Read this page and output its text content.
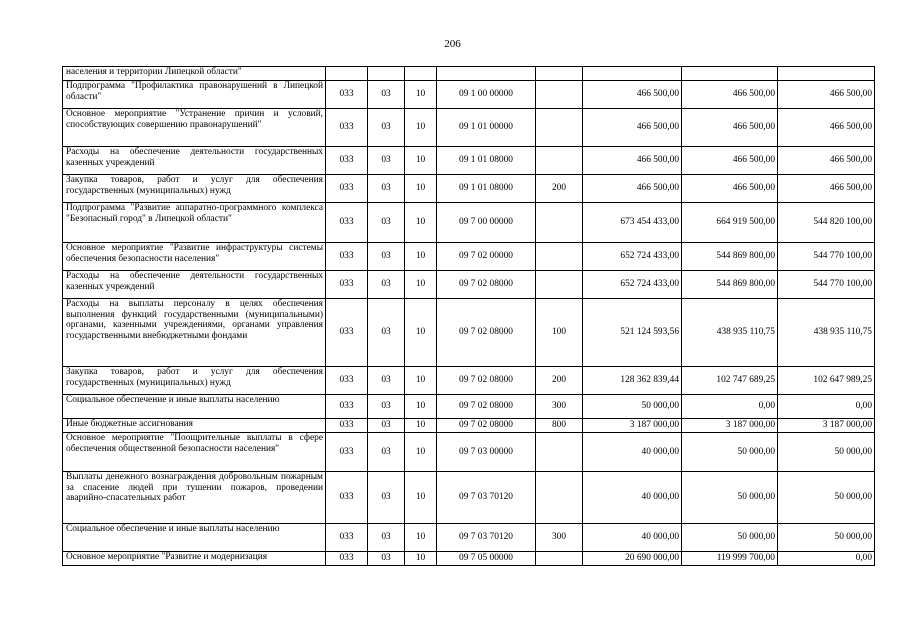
206
населения и территории Липецкой области"								
Подпрограмма "Профилактика правонарушений в Липецкой области"	033	03	10	09 1 00 00000		466 500,00	466 500,00	466 500,00
Основное мероприятие "Устранение причин и условий, способствующих совершению правонарушений"	033	03	10	09 1 01 00000		466 500,00	466 500,00	466 500,00
Расходы на обеспечение деятельности государственных казенных учреждений	033	03	10	09 1 01 08000		466 500,00	466 500,00	466 500,00
Закупка товаров, работ и услуг для обеспечения государственных (муниципальных) нужд	033	03	10	09 1 01 08000	200	466 500,00	466 500,00	466 500,00
Подпрограмма "Развитие аппаратно-программного комплекса "Безопасный город" в Липецкой области"	033	03	10	09 7 00 00000		673 454 433,00	664 919 500,00	544 820 100,00
Основное мероприятие "Развитие инфраструктуры системы обеспечения безопасности населения"	033	03	10	09 7 02 00000		652 724 433,00	544 869 800,00	544 770 100,00
Расходы на обеспечение деятельности государственных казенных учреждений	033	03	10	09 7 02 08000		652 724 433,00	544 869 800,00	544 770 100,00
Расходы на выплаты персоналу в целях обеспечения выполнения функций государственными (муниципальными) органами, казенными учреждениями, органами управления государственными внебюджетными фондами	033	03	10	09 7 02 08000	100	521 124 593,56	438 935 110,75	438 935 110,75
Закупка товаров, работ и услуг для обеспечения государственных (муниципальных) нужд	033	03	10	09 7 02 08000	200	128 362 839,44	102 747 689,25	102 647 989,25
Социальное обеспечение и иные выплаты населению	033	03	10	09 7 02 08000	300	50 000,00	0,00	0,00
Иные бюджетные ассигнования	033	03	10	09 7 02 08000	800	3 187 000,00	3 187 000,00	3 187 000,00
Основное мероприятие "Поощрительные выплаты в сфере обеспечения общественной безопасности населения"	033	03	10	09 7 03 00000		40 000,00	50 000,00	50 000,00
Выплаты денежного вознаграждения добровольным пожарным за спасение людей при тушении пожаров, проведении аварийно-спасательных работ	033	03	10	09 7 03 70120		40 000,00	50 000,00	50 000,00
Социальное обеспечение и иные выплаты населению	033	03	10	09 7 03 70120	300	40 000,00	50 000,00	50 000,00
Основное мероприятие "Развитие и модернизация	033	03	10	09 7 05 00000		20 690 000,00	119 999 700,00	0,00
